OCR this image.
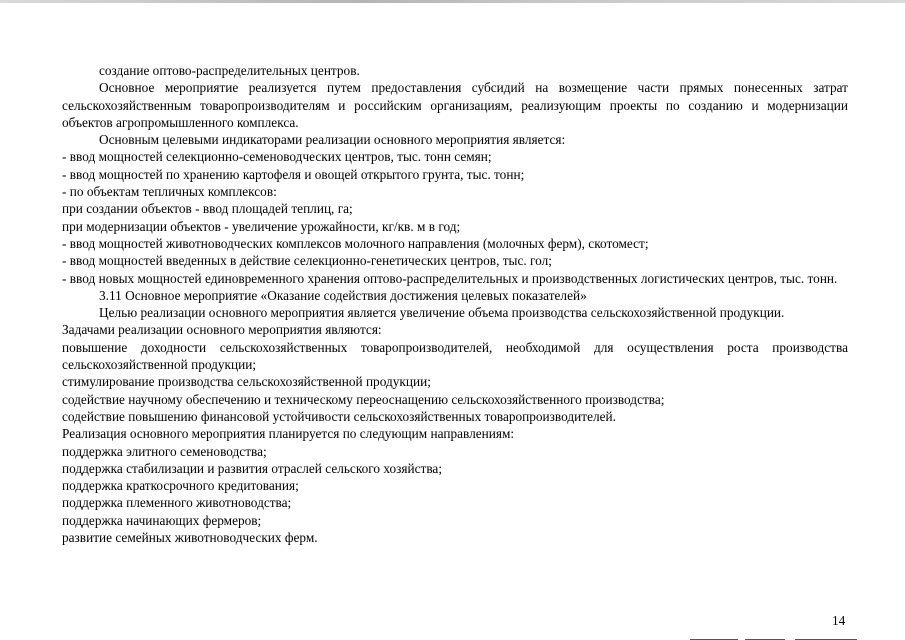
создание оптово-распределительных центров.

Основное мероприятие реализуется путем предоставления субсидий на возмещение части прямых понесенных затрат сельскохозяйственным товаропроизводителям и российским организациям, реализующим проекты по созданию и модернизации объектов агропромышленного комплекса.

Основным целевыми индикаторами реализации основного мероприятия является:

- ввод мощностей селекционно-семеноводческих центров, тыс. тонн семян;

- ввод мощностей по хранению картофеля и овощей открытого грунта, тыс. тонн;

- по объектам тепличных комплексов:

при создании объектов - ввод площадей теплиц, га;

при модернизации объектов - увеличение урожайности, кг/кв. м в год;

- ввод мощностей животноводческих комплексов молочного направления (молочных ферм), скотомест;

- ввод мощностей введенных в действие селекционно-генетических центров, тыс. гол;

- ввод новых мощностей единовременного хранения оптово-распределительных и производственных логистических центров, тыс. тонн.

3.11 Основное мероприятие «Оказание содействия достижения целевых показателей»

Целью реализации основного мероприятия является увеличение объема производства сельскохозяйственной продукции.

Задачами реализации основного мероприятия являются:

повышение доходности сельскохозяйственных товаропроизводителей, необходимой для осуществления роста производства сельскохозяйственной продукции;

стимулирование производства сельскохозяйственной продукции;

содействие научному обеспечению и техническому переоснащению сельскохозяйственного производства;

содействие повышению финансовой устойчивости сельскохозяйственных товаропроизводителей.

Реализация основного мероприятия планируется по следующим направлениям:

поддержка элитного семеноводства;

поддержка стабилизации и развития отраслей сельского хозяйства;

поддержка краткосрочного кредитования;

поддержка племенного животноводства;

поддержка начинающих фермеров;

развитие семейных животноводческих ферм.

14
